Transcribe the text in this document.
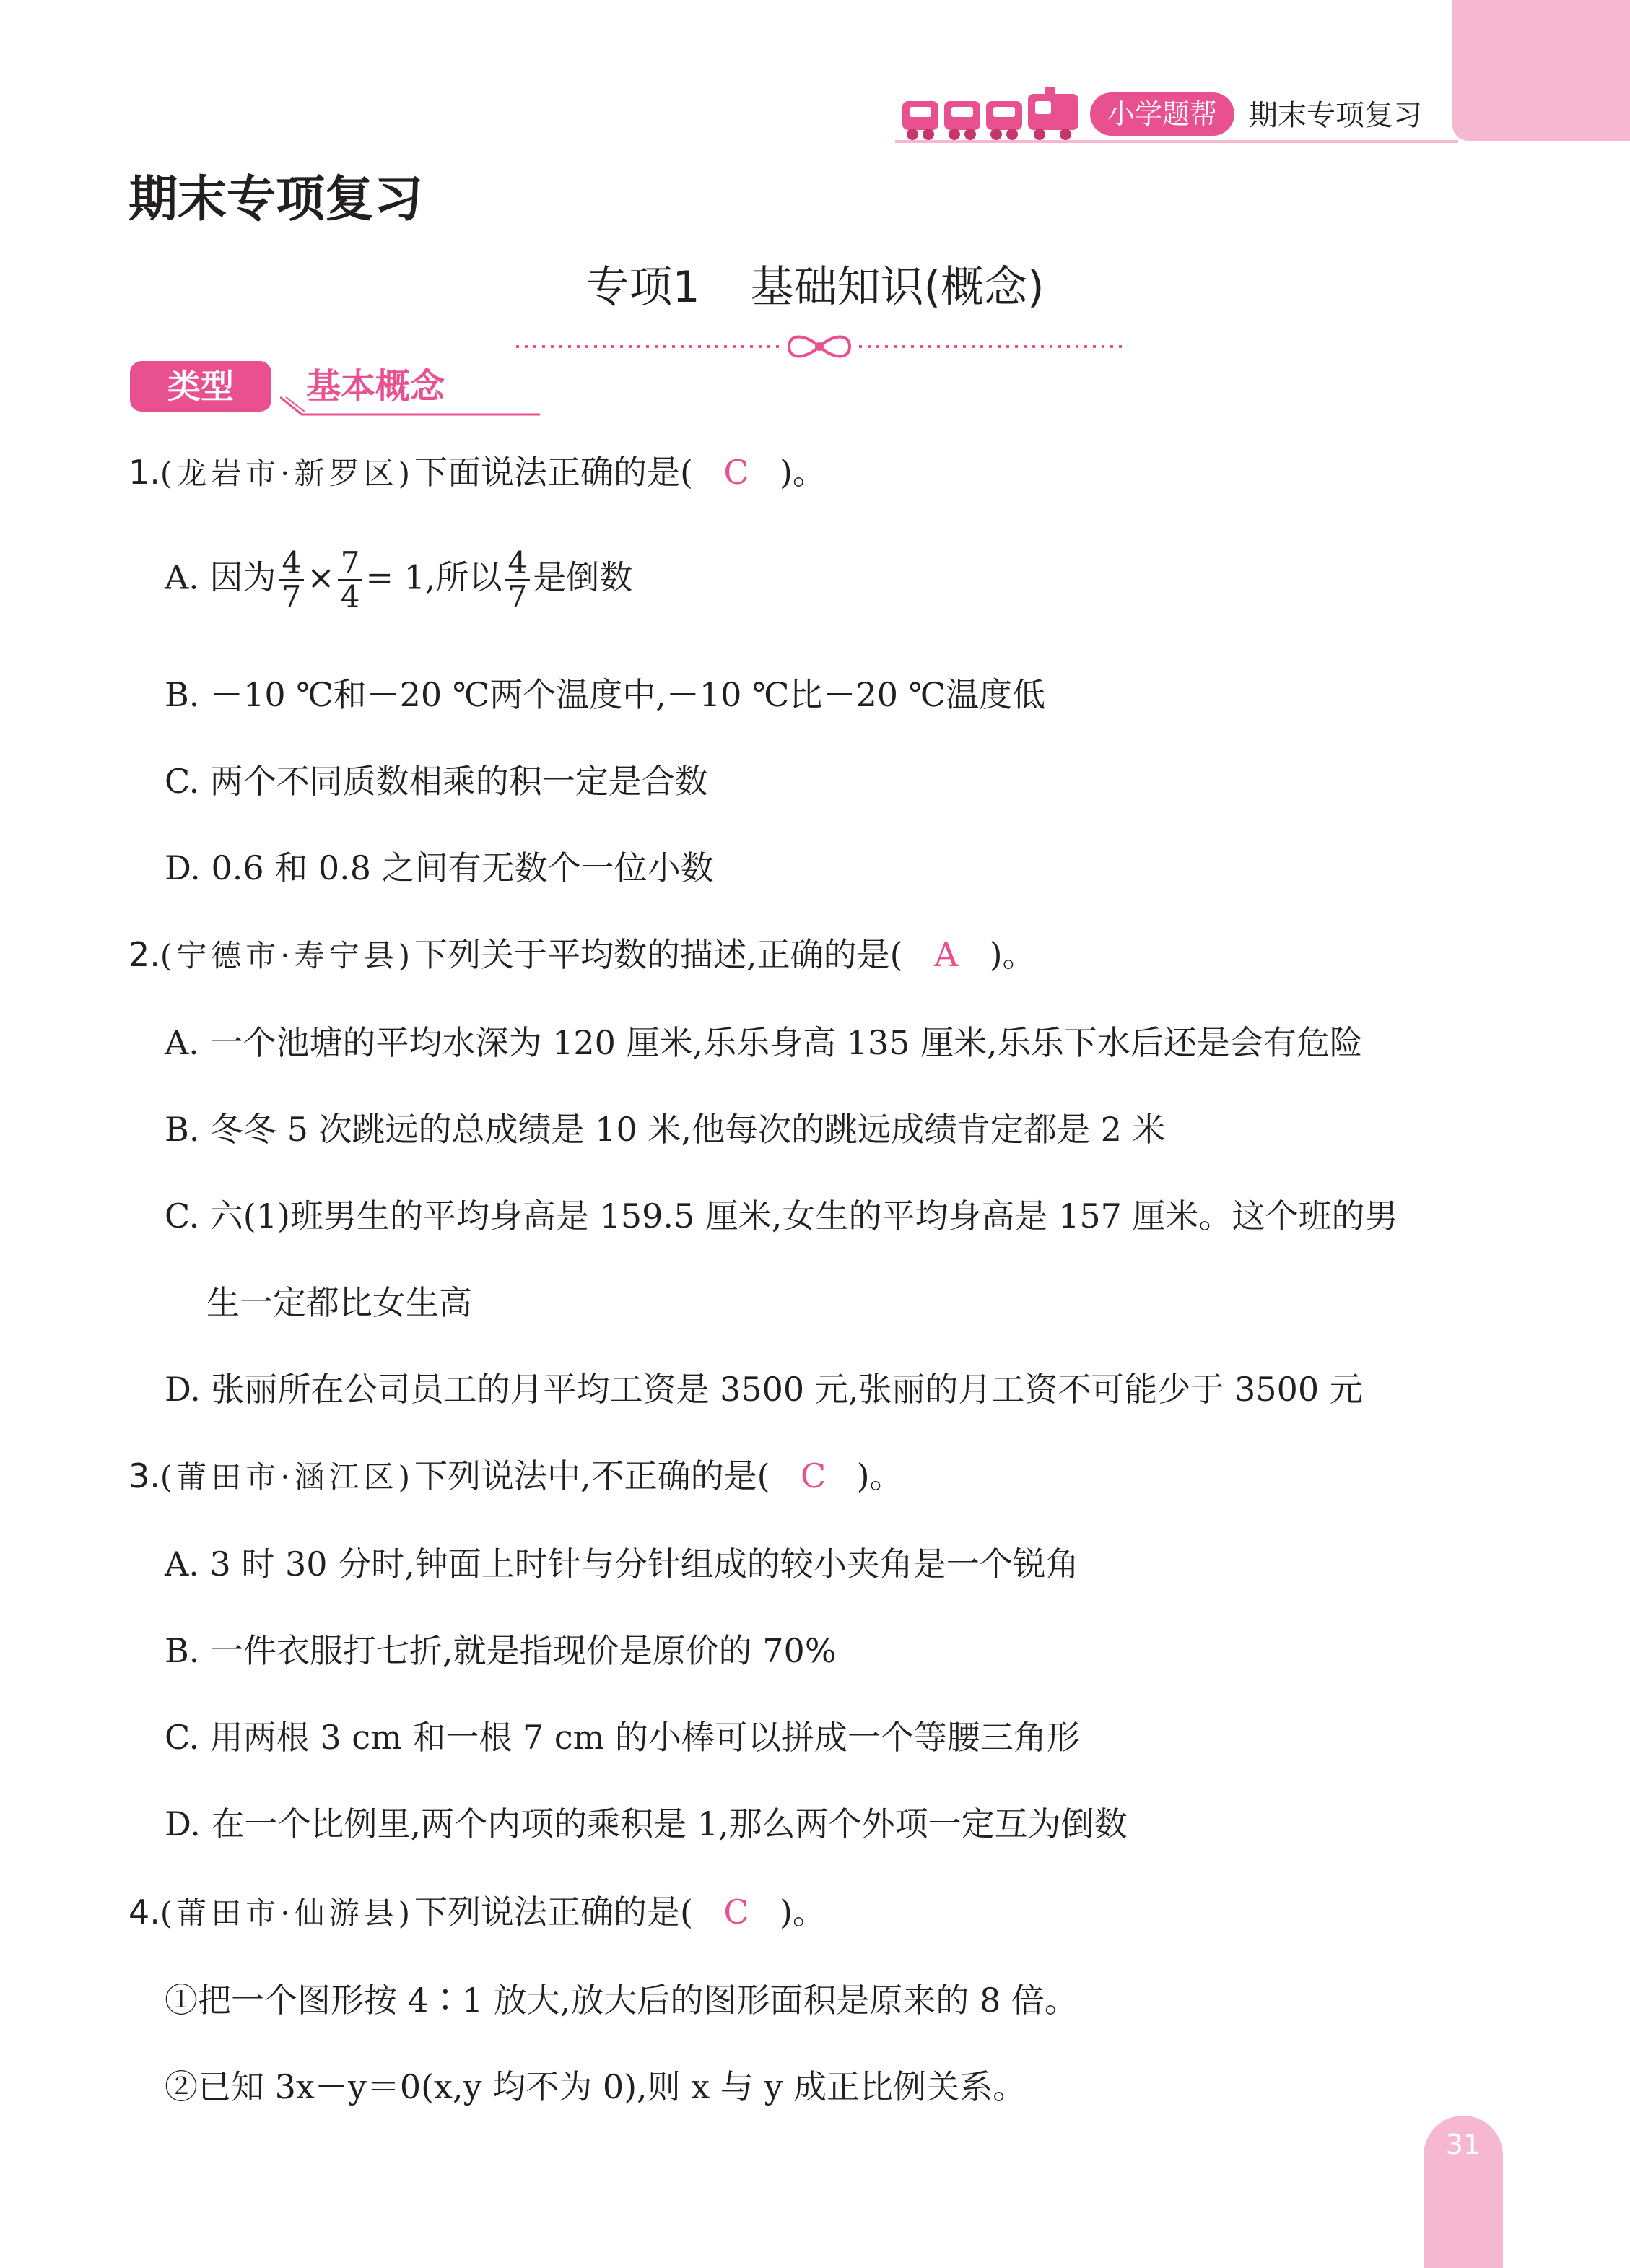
小学题帮	期末专项复习
期末专项复习
专项1 基础知识(概念)
类型	基本概念
1.(龙岩市·新罗区)下面说法正确的是( C )。
A. 因为 $\frac{4}{7} \times \frac{7}{4} = 1$,所以 $\frac{4}{7}$ 是倒数
B. －10 ℃和－20 ℃两个温度中,－10 ℃比－20 ℃温度低
C. 两个不同质数相乘的积一定是合数
D. 0.6 和 0.8 之间有无数个一位小数
2.(宁德市·寿宁县)下列关于平均数的描述,正确的是( A )。
A. 一个池塘的平均水深为 120 厘米,乐乐身高 135 厘米,乐乐下水后还是会有危险
B. 冬冬 5 次跳远的总成绩是 10 米,他每次的跳远成绩肯定都是 2 米
C. 六(1)班男生的平均身高是 159.5 厘米,女生的平均身高是 157 厘米。这个班的男
生一定都比女生高
D. 张丽所在公司员工的月平均工资是 3500 元,张丽的月工资不可能少于 3500 元
3.(莆田市·涵江区)下列说法中,不正确的是( C )。
A. 3 时 30 分时,钟面上时针与分针组成的较小夹角是一个锐角
B. 一件衣服打七折,就是指现价是原价的 70%
C. 用两根 3 cm 和一根 7 cm 的小棒可以拼成一个等腰三角形
D. 在一个比例里,两个内项的乘积是 1,那么两个外项一定互为倒数
4.(莆田市·仙游县)下列说法正确的是( C )。
①把一个图形按 4∶1 放大,放大后的图形面积是原来的 8 倍。
②已知 3x－y＝0(x,y 均不为 0),则 x 与 y 成正比例关系。
31
